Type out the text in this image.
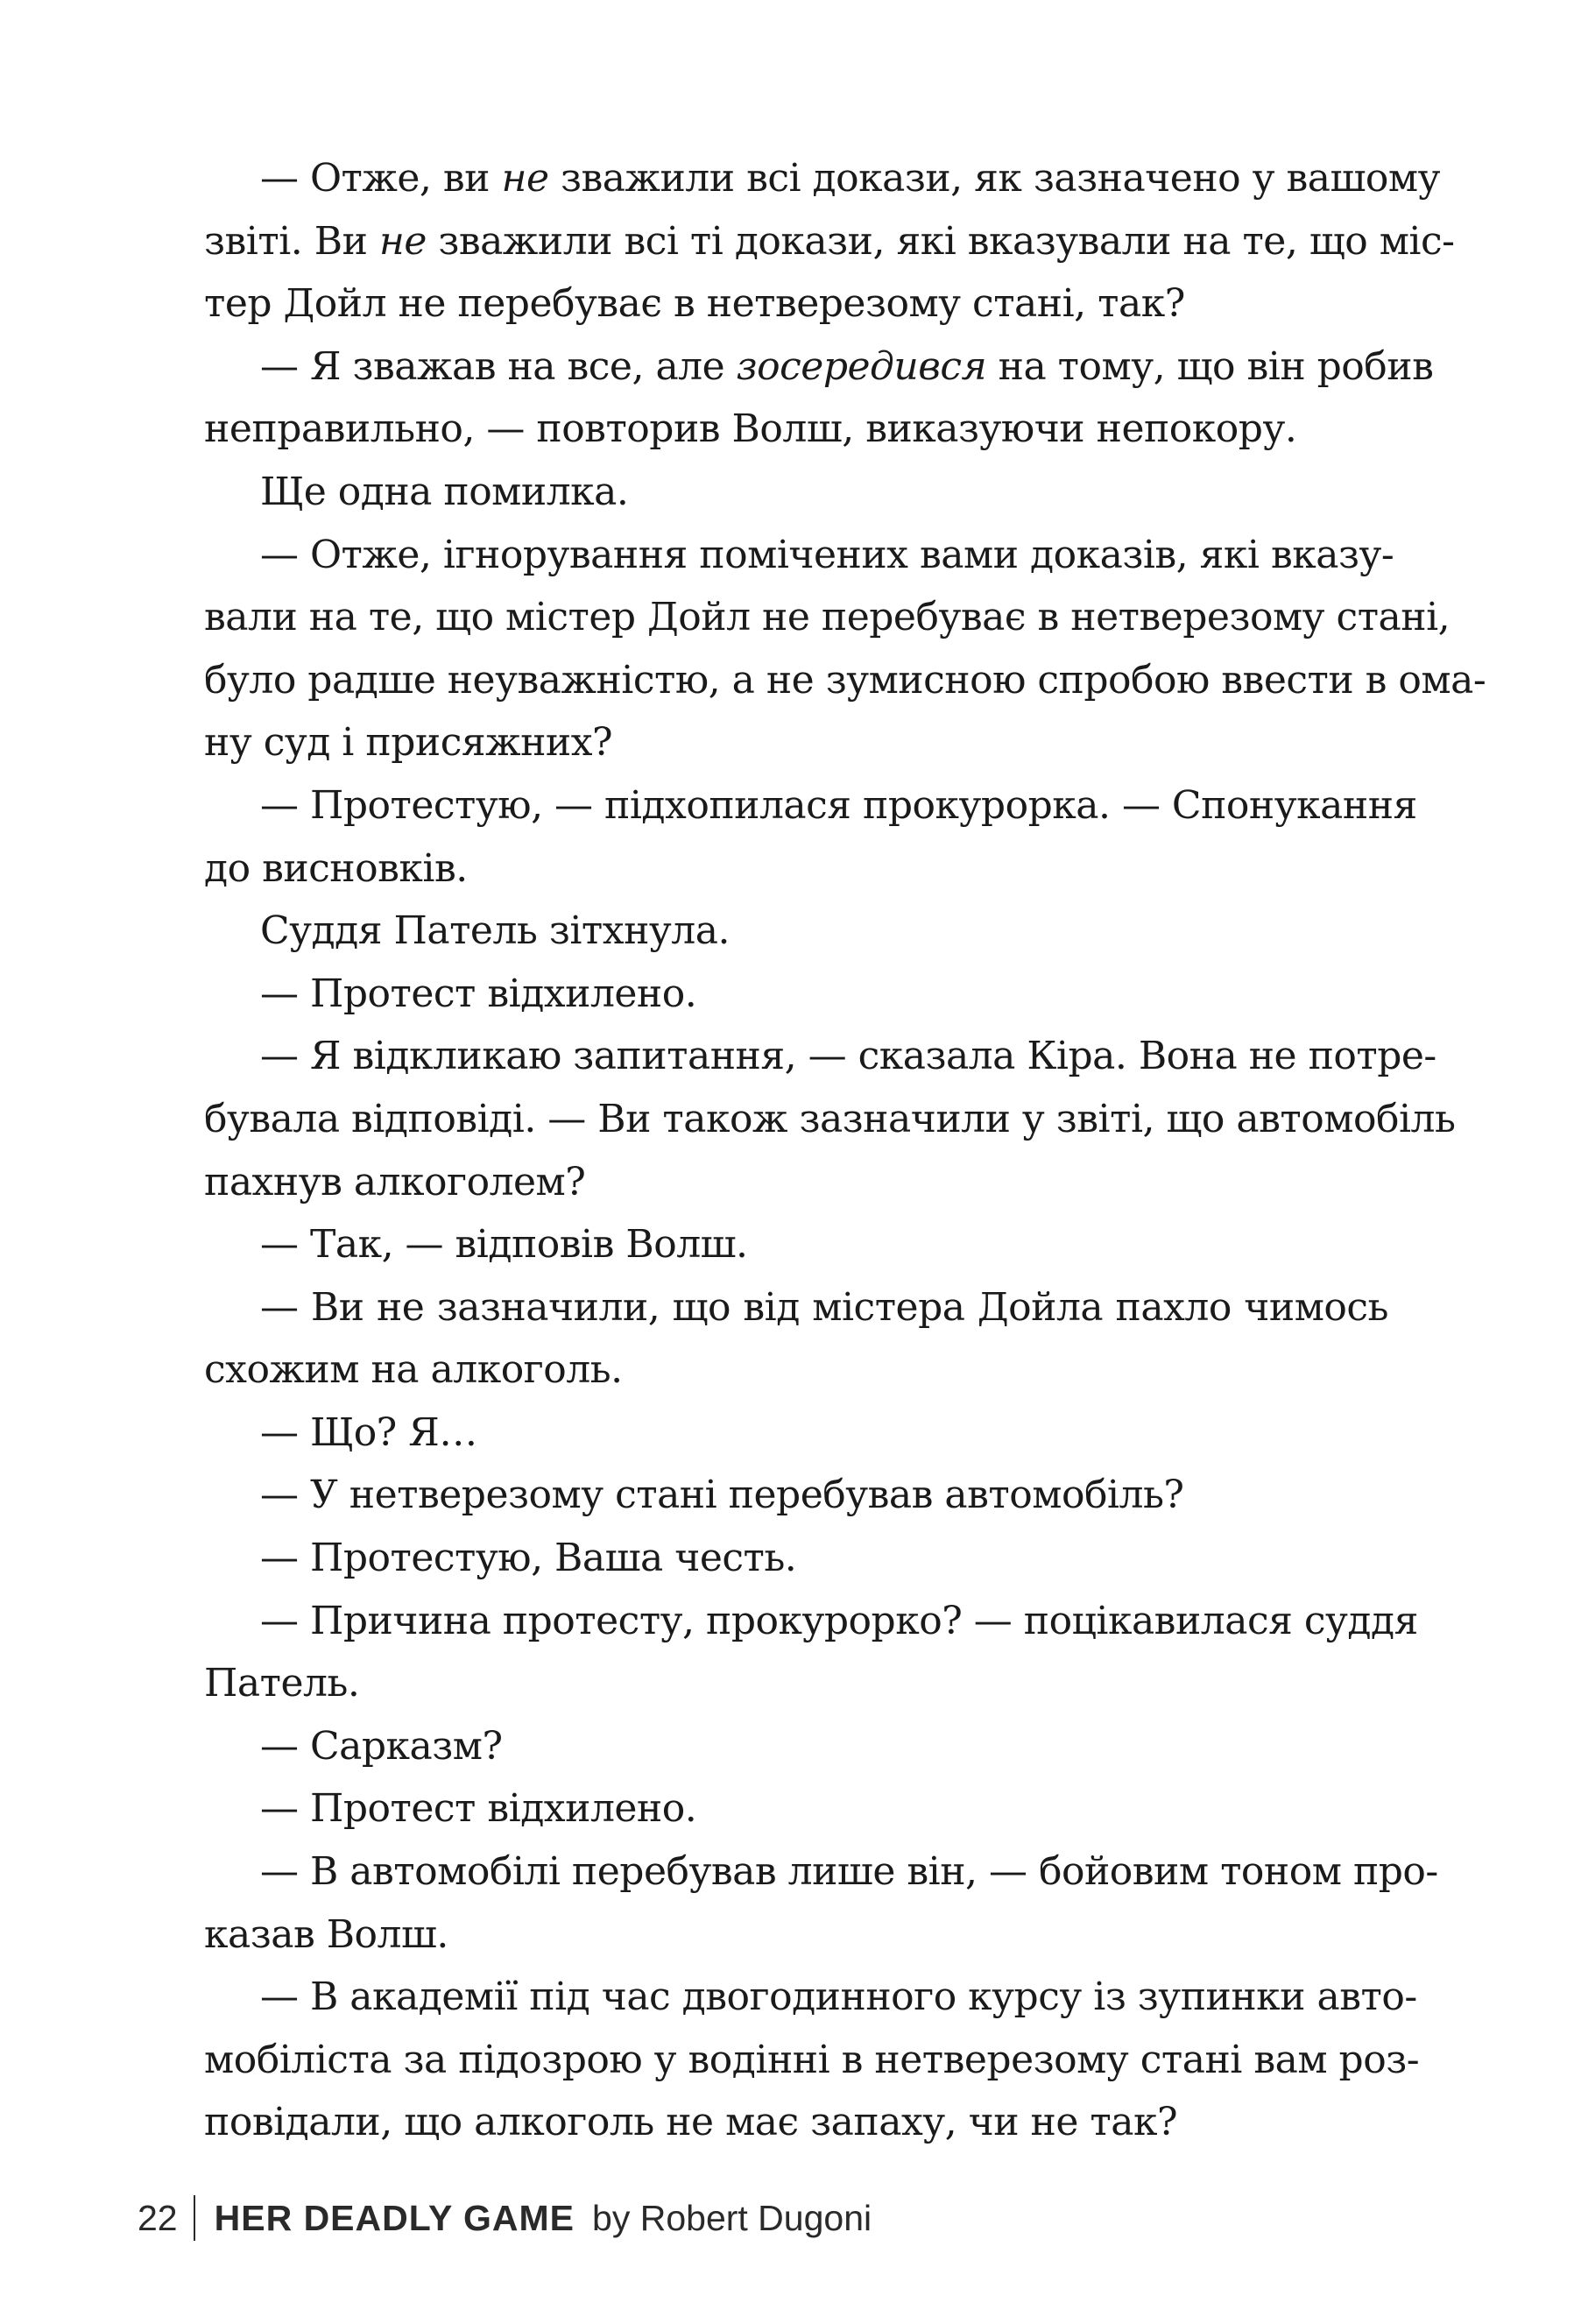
— Отже, ви не зважили всі докази, як зазначено у вашому
звіті. Ви не зважили всі ті докази, які вказували на те, що міс-
тер Дойл не перебуває в нетверезому стані, так?
— Я зважав на все, але зосередився на тому, що він робив
неправильно, — повторив Волш, виказуючи непокору.
Ще одна помилка.
— Отже, ігнорування помічених вами доказів, які вказу-
вали на те, що містер Дойл не перебуває в нетверезому стані,
було радше неуважністю, а не зумисною спробою ввести в ома-
ну суд і присяжних?
— Протестую, — підхопилася прокурорка. — Спонукання
до висновків.
Суддя Патель зітхнула.
— Протест відхилено.
— Я відкликаю запитання, — сказала Кіра. Вона не потре-
бувала відповіді. — Ви також зазначили у звіті, що автомобіль
пахнув алкоголем?
— Так, — відповів Волш.
— Ви не зазначили, що від містера Дойла пахло чимось
схожим на алкоголь.
— Що? Я…
— У нетверезому стані перебував автомобіль?
— Протестую, Ваша честь.
— Причина протесту, прокурорко? — поцікавилася суддя
Патель.
— Сарказм?
— Протест відхилено.
— В автомобілі перебував лише він, — бойовим тоном про-
казав Волш.
— В академії під час двогодинного курсу із зупинки авто-
мобіліста за підозрою у водінні в нетверезому стані вам роз-
повідали, що алкоголь не має запаху, чи не так?
22 HER DEADLY GAME by Robert Dugoni
